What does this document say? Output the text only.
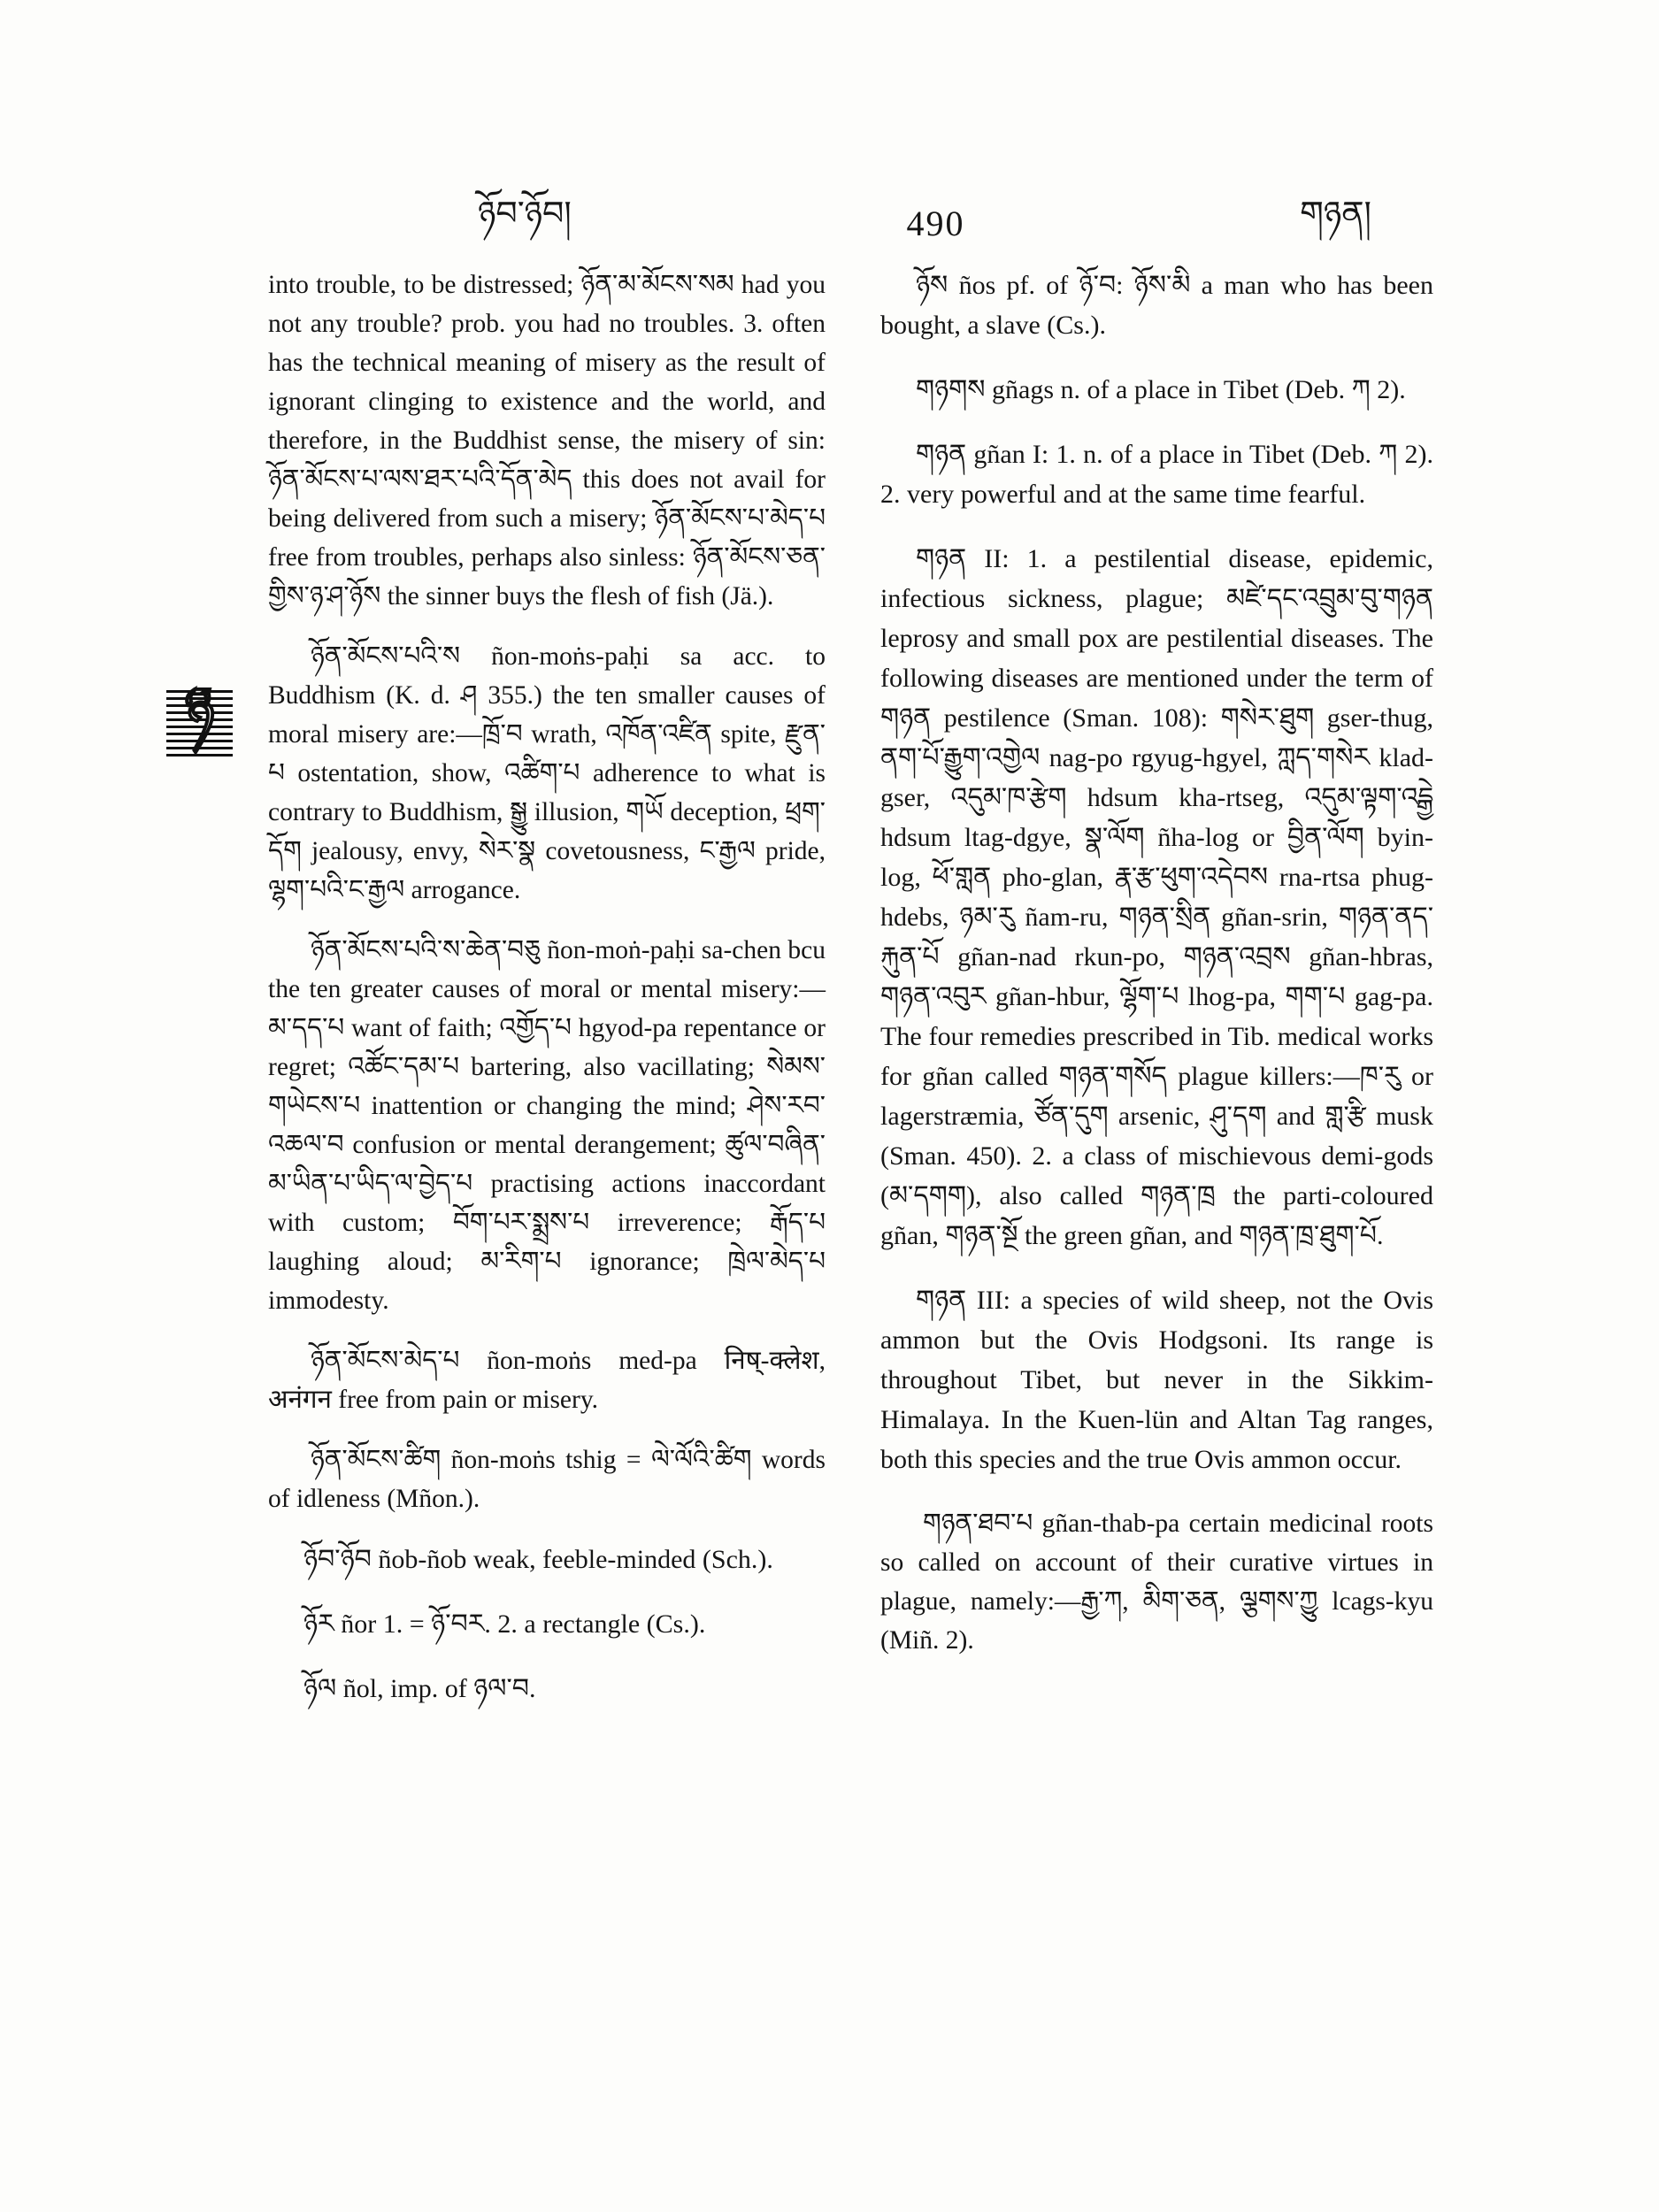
ཉོབ་ཉོབ།	490	གཉན།
ཉ

into trouble, to be distressed; ཉོན་མ་མོངས་སམ had you not any trouble? prob. you had no troubles. 3. often has the technical meaning of misery as the result of ignorant clinging to existence and the world, and therefore, in the Buddhist sense, the misery of sin: ཉོན་མོངས་པ་ལས་ཐར་པའི་དོན་མེད this does not avail for being delivered from such a misery; ཉོན་མོངས་པ་མེད་པ free from troubles, perhaps also sinless: ཉོན་མོངས་ཅན་གྱིས་ཉ་ཤ་ཉོས the sinner buys the flesh of fish (Jä.).

ཉོན་མོངས་པའི་ས ñon-moṅs-paḥi sa acc. to Buddhism (K. d. ཤ 355.) the ten smaller causes of moral misery are:—ཁྲོ་བ wrath, འཁོན་འཛིན spite, རྫུན་པ ostentation, show, འཚིག་པ adherence to what is contrary to Buddhism, སྒྱུ illusion, གཡོ deception, ཕྲག་དོག jealousy, envy, སེར་སྣ covetousness, ང་རྒྱལ pride, ལྷག་པའི་ང་རྒྱལ arrogance.

ཉོན་མོངས་པའི་ས་ཆེན་བཅུ ñon-moṅ-paḥi sa-chen bcu the ten greater causes of moral or mental misery:—མ་དད་པ want of faith; འགྱོད་པ hgyod-pa repentance or regret; འཚོང་དམ་པ bartering, also vacillating; སེམས་གཡེངས་པ inattention or changing the mind; ཤེས་རབ་འཆལ་བ confusion or mental derangement; ཚུལ་བཞིན་མ་ཡིན་པ་ཡིད་ལ་བྱེད་པ practising actions inaccordant with custom; བོག་པར་སྨྲས་པ irreverence; རྒོད་པ laughing aloud; མ་རིག་པ ignorance; ཁྲེལ་མེད་པ immodesty.

ཉོན་མོངས་མེད་པ ñon-moṅs med-pa निष्-क्लेश, अनंगन free from pain or misery.

ཉོན་མོངས་ཚིག ñon-moṅs tshig = ལེ་ལོའི་ཚིག words of idleness (Mñon.).

ཉོབ་ཉོབ ñob-ñob weak, feeble-minded (Sch.).

ཉོར ñor 1. = ཉོ་བར. 2. a rectangle (Cs.).

ཉོལ ñol, imp. of ཉལ་བ.

ཉོས ños pf. of ཉོ་བ: ཉོས་མི a man who has been bought, a slave (Cs.).

གཉགས gñags n. of a place in Tibet (Deb. ཀ 2).

གཉན gñan I: 1. n. of a place in Tibet (Deb. ཀ 2). 2. very powerful and at the same time fearful.

གཉན II: 1. a pestilential disease, epidemic, infectious sickness, plague; མཛེ་དང་འབྲུམ་བུ་གཉན leprosy and small pox are pestilential diseases. The following diseases are mentioned under the term of གཉན pestilence (Sman. 108): གསེར་ཐུག gser-thug, ནག་པོ་རྒྱུག་འགྱེལ nag-po rgyug-hgyel, ཀླད་གསེར klad-gser, འདུམ་ཁ་རྩེག hdsum kha-rtseg, འདུམ་ལྟག་འདྒྱེ hdsum ltag-dgye, སྣ་ལོག ñha-log or བྱིན་ལོག byin-log, ཕོ་གླན pho-glan, རྣ་རྩ་ཕུག་འདེབས rna-rtsa phug-hdebs, ཉམ་རུ ñam-ru, གཉན་སྲིན gñan-srin, གཉན་ནད་རྐུན་པོ gñan-nad rkun-po, གཉན་འབྲས gñan-hbras, གཉན་འབུར gñan-hbur, ལྷོག་པ lhog-pa, གག་པ gag-pa. The four remedies prescribed in Tib. medical works for gñan called གཉན་གསོད plague killers:—ཁ་རུ or lagerstræmia, ཙོན་དུག arsenic, ཤུ་དག and གླ་རྩི musk (Sman. 450). 2. a class of mischievous demi-gods (མ་དགག), also called གཉན་ཁྲ the parti-coloured gñan, གཉན་སྔོ the green gñan, and གཉན་ཁྲ་ཐུག་པོ.

གཉན III: a species of wild sheep, not the Ovis ammon but the Ovis Hodgsoni. Its range is throughout Tibet, but never in the Sikkim-Himalaya. In the Kuen-lün and Altan Tag ranges, both this species and the true Ovis ammon occur.

གཉན་ཐབ་པ gñan-thab-pa certain medicinal roots so called on account of their curative virtues in plague, namely:—རྒྱ་ཀ, མིག་ཅན, ལྕགས་ཀྱུ lcags-kyu (Miñ. 2).
